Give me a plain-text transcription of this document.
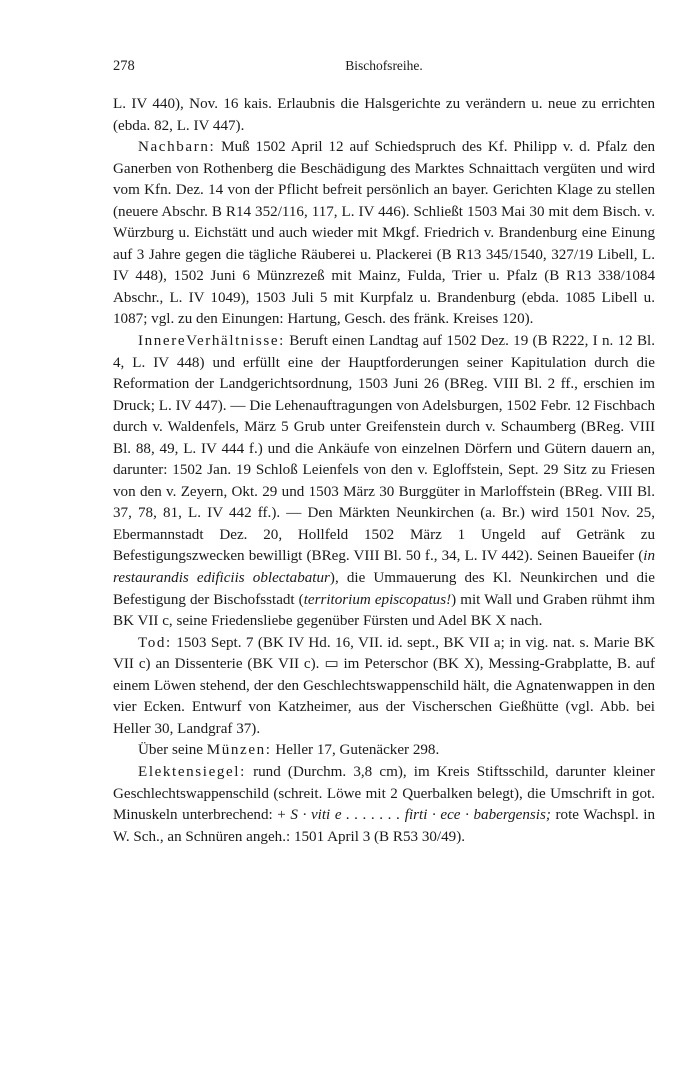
278	Bischofsreihe.

L. IV 440), Nov. 16 kais. Erlaubnis die Halsgerichte zu verändern u. neue zu errichten (ebda. 82, L. IV 447).

Nachbarn: Muß 1502 April 12 auf Schiedspruch des Kf. Philipp v. d. Pfalz den Ganerben von Rothenberg die Beschädigung des Marktes Schnaittach vergüten und wird vom Kfn. Dez. 14 von der Pflicht befreit persönlich an bayer. Gerichten Klage zu stellen (neuere Abschr. B R14 352/116, 117, L. IV 446). Schließt 1503 Mai 30 mit dem Bisch. v. Würzburg u. Eichstätt und auch wieder mit Mkgf. Friedrich v. Brandenburg eine Einung auf 3 Jahre gegen die tägliche Räuberei u. Plackerei (B R13 345/1540, 327/19 Libell, L. IV 448), 1502 Juni 6 Münzrezeß mit Mainz, Fulda, Trier u. Pfalz (B R13 338/1084 Abschr., L. IV 1049), 1503 Juli 5 mit Kurpfalz u. Brandenburg (ebda. 1085 Libell u. 1087; vgl. zu den Einungen: Hartung, Gesch. des fränk. Kreises 120).

InnereVerhältnisse: Beruft einen Landtag auf 1502 Dez. 19 (B R222, I n. 12 Bl. 4, L. IV 448) und erfüllt eine der Hauptforderungen seiner Kapitulation durch die Reformation der Landgerichtsordnung, 1503 Juni 26 (BReg. VIII Bl. 2 ff., erschien im Druck; L. IV 447). — Die Lehenauftragungen von Adelsburgen, 1502 Febr. 12 Fischbach durch v. Waldenfels, März 5 Grub unter Greifenstein durch v. Schaumberg (BReg. VIII Bl. 88, 49, L. IV 444 f.) und die Ankäufe von einzelnen Dörfern und Gütern dauern an, darunter: 1502 Jan. 19 Schloß Leienfels von den v. Egloffstein, Sept. 29 Sitz zu Friesen von den v. Zeyern, Okt. 29 und 1503 März 30 Burggüter in Marloffstein (BReg. VIII Bl. 37, 78, 81, L. IV 442 ff.). — Den Märkten Neunkirchen (a. Br.) wird 1501 Nov. 25, Ebermannstadt Dez. 20, Hollfeld 1502 März 1 Ungeld auf Getränk zu Befestigungszwecken bewilligt (BReg. VIII Bl. 50 f., 34, L. IV 442). Seinen Baueifer (in restaurandis edificiis oblectabatur), die Ummauerung des Kl. Neunkirchen und die Befestigung der Bischofsstadt (territorium episcopatus!) mit Wall und Graben rühmt ihm BK VII c, seine Friedensliebe gegenüber Fürsten und Adel BK X nach.

Tod: 1503 Sept. 7 (BK IV Hd. 16, VII. id. sept., BK VII a; in vig. nat. s. Marie BK VII c) an Dissenterie (BK VII c). ▭ im Peterschor (BK X), Messing-Grabplatte, B. auf einem Löwen stehend, der den Geschlechtswappenschild hält, die Agnatenwappen in den vier Ecken. Entwurf von Katzheimer, aus der Vischerschen Gießhütte (vgl. Abb. bei Heller 30, Landgraf 37).

Über seine Münzen: Heller 17, Gutenäcker 298.

Elektensiegel: rund (Durchm. 3,8 cm), im Kreis Stiftsschild, darunter kleiner Geschlechtswappenschild (schreit. Löwe mit 2 Querbalken belegt), die Umschrift in got. Minuskeln unterbrechend: + S · viti e . . . . . . . firti · ece · babergensis; rote Wachspl. in W. Sch., an Schnüren angeh.: 1501 April 3 (B R53 30/49).
